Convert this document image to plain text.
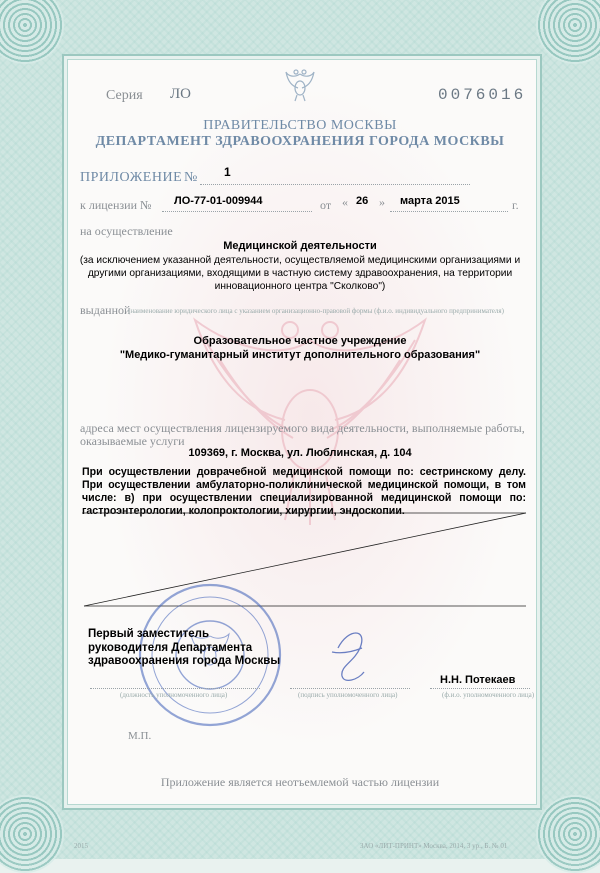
Серия ЛО	0076016
ПРАВИТЕЛЬСТВО МОСКВЫ
ДЕПАРТАМЕНТ ЗДРАВООХРАНЕНИЯ ГОРОДА МОСКВЫ
ПРИЛОЖЕНИЕ № 1
к лицензии № ЛО-77-01-009944	от « 26 » марта 2015	г.
на осуществление
Медицинской деятельности
(за исключением указанной деятельности, осуществляемой медицинскими организациями и другими организациями, входящими в частную систему здравоохранения, на территории инновационного центра "Сколково")
выданной
(наименование юридического лица с указанием организационно-правовой формы (ф.и.о. индивидуального предпринимателя)
Образовательное частное учреждение
"Медико-гуманитарный институт дополнительного образования"
адреса мест осуществления лицензируемого вида деятельности, выполняемые работы, оказываемые услуги
109369, г. Москва, ул. Люблинская, д. 104
При осуществлении доврачебной медицинской помощи по: сестринскому делу. При осуществлении амбулаторно-поликлинической медицинской помощи, в том числе: в) при осуществлении специализированной медицинской помощи по: гастроэнтерологии, колопроктологии, хирургии, эндоскопии.
Первый заместитель руководителя Департамента здравоохранения города Москвы
Н.Н. Потекаев
(должность уполномоченного лица)	(подпись уполномоченного лица)	(ф.и.о. уполномоченного лица)
М.П.
Приложение является неотъемлемой частью лицензии
2015	ЗАО «ЛИТ-ПРИНТ» Москва, 2014, 3 ур., Б. № 01
